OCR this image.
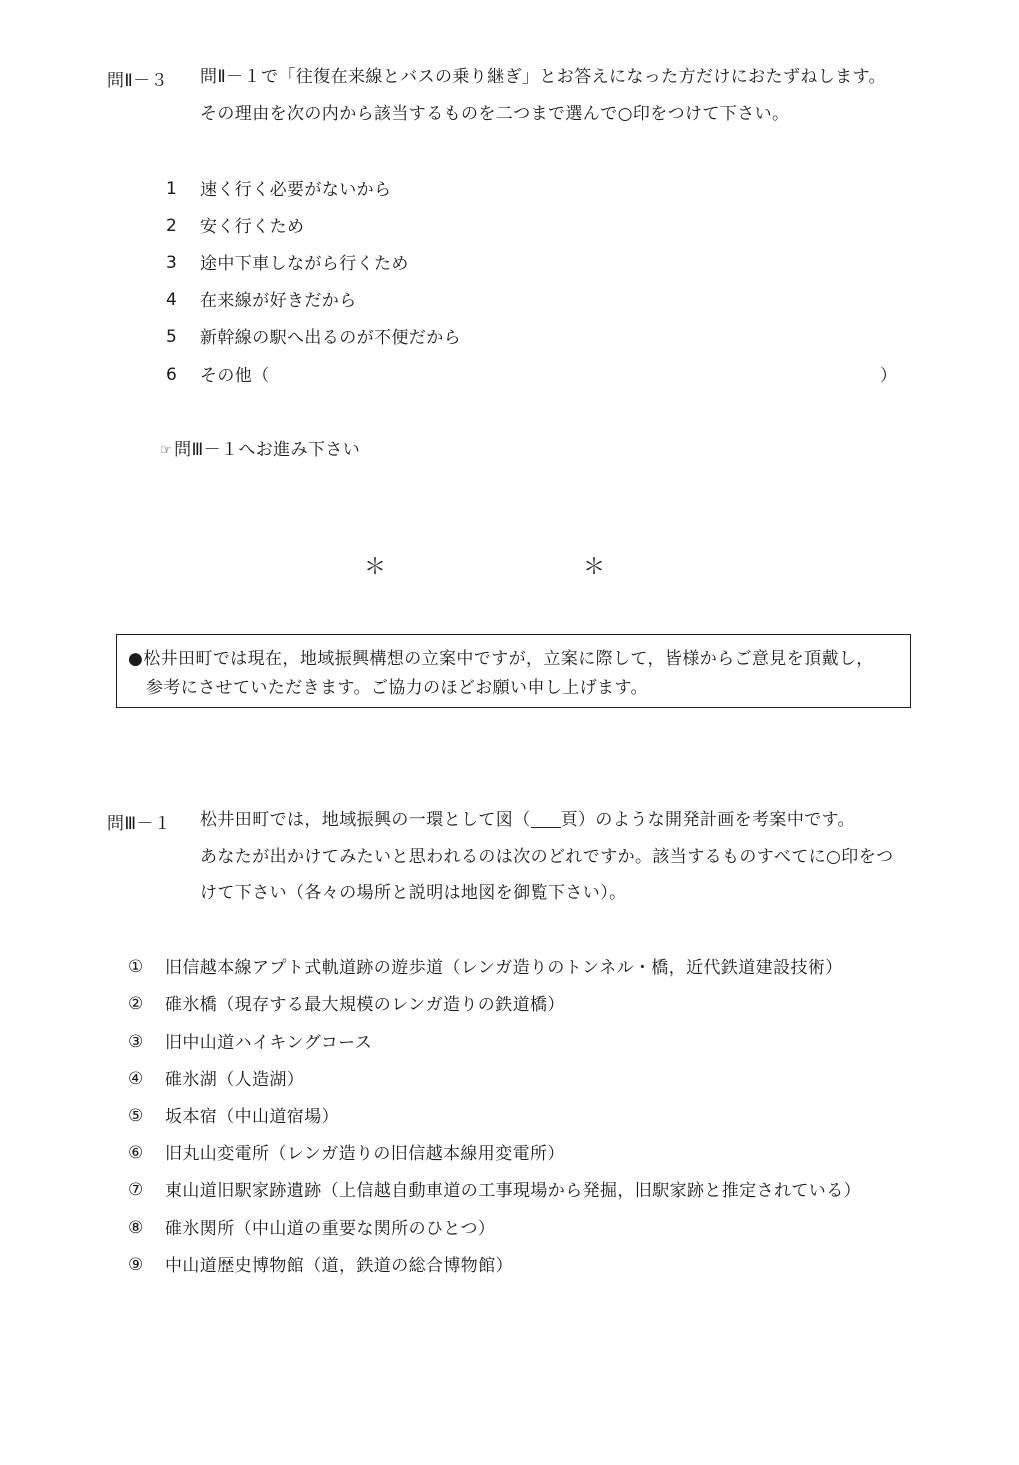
問Ⅱ－３ 問Ⅱ－１で「往復在来線とバスの乗り継ぎ」とお答えになった方だけにおたずねします。
その理由を次の内から該当するものを二つまで選んで○印をつけて下さい。
1 速く行く必要がないから
2 安く行くため
3 途中下車しながら行くため
4 在来線が好きだから
5 新幹線の駅へ出るのが不便だから
6 その他（	）
☞ 問Ⅲ－１へお進み下さい
＊	＊
●松井田町では現在，地域振興構想の立案中ですが，立案に際して，皆様からご意見を頂戴し，
参考にさせていただきます。ご協力のほどお願い申し上げます。
問Ⅲ－１ 松井田町では，地域振興の一環として図（ 頁）のような開発計画を考案中です。
あなたが出かけてみたいと思われるのは次のどれですか。該当するものすべてに○印をつ
けて下さい（各々の場所と説明は地図を御覧下さい）。
① 旧信越本線アプト式軌道跡の遊歩道（レンガ造りのトンネル・橋，近代鉄道建設技術）
② 碓氷橋（現存する最大規模のレンガ造りの鉄道橋）
③ 旧中山道ハイキングコース
④ 碓氷湖（人造湖）
⑤ 坂本宿（中山道宿場）
⑥ 旧丸山変電所（レンガ造りの旧信越本線用変電所）
⑦ 東山道旧駅家跡遺跡（上信越自動車道の工事現場から発掘，旧駅家跡と推定されている）
⑧ 碓氷関所（中山道の重要な関所のひとつ）
⑨ 中山道歴史博物館（道，鉄道の総合博物館）
